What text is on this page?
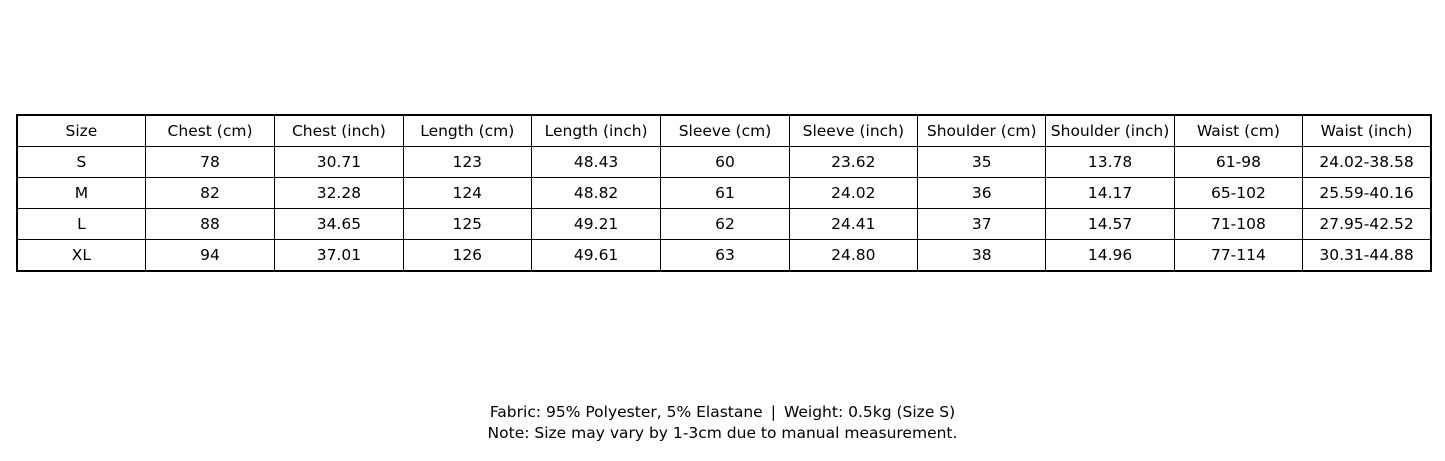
Size	Chest (cm)	Chest (inch)	Length (cm)	Length (inch)	Sleeve (cm)	Sleeve (inch)	Shoulder (cm)	Shoulder (inch)	Waist (cm)	Waist (inch)
S	78	30.71	123	48.43	60	23.62	35	13.78	61-98	24.02-38.58
M	82	32.28	124	48.82	61	24.02	36	14.17	65-102	25.59-40.16
L	88	34.65	125	49.21	62	24.41	37	14.57	71-108	27.95-42.52
XL	94	37.01	126	49.61	63	24.80	38	14.96	77-114	30.31-44.88
Fabric: 95% Polyester, 5% Elastane | Weight: 0.5kg (Size S)
Note: Size may vary by 1-3cm due to manual measurement.
